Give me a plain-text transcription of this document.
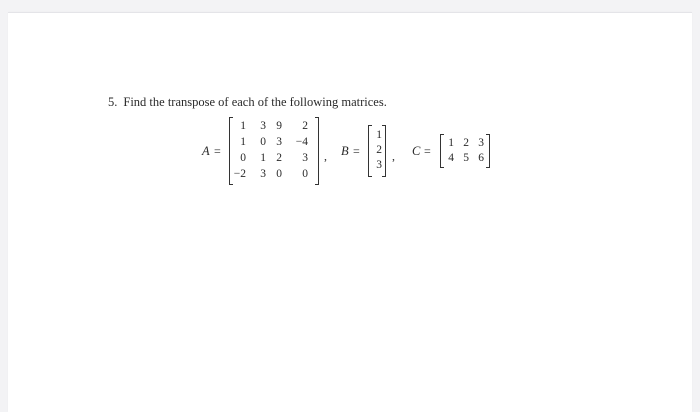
5. Find the transpose of each of the following matrices.
A =
1	3 9	2
1	0 3 −4
0	1 2	3
−2	3 0	0
, B =
1
2
3
, C =
1 2 3
4 5 6
